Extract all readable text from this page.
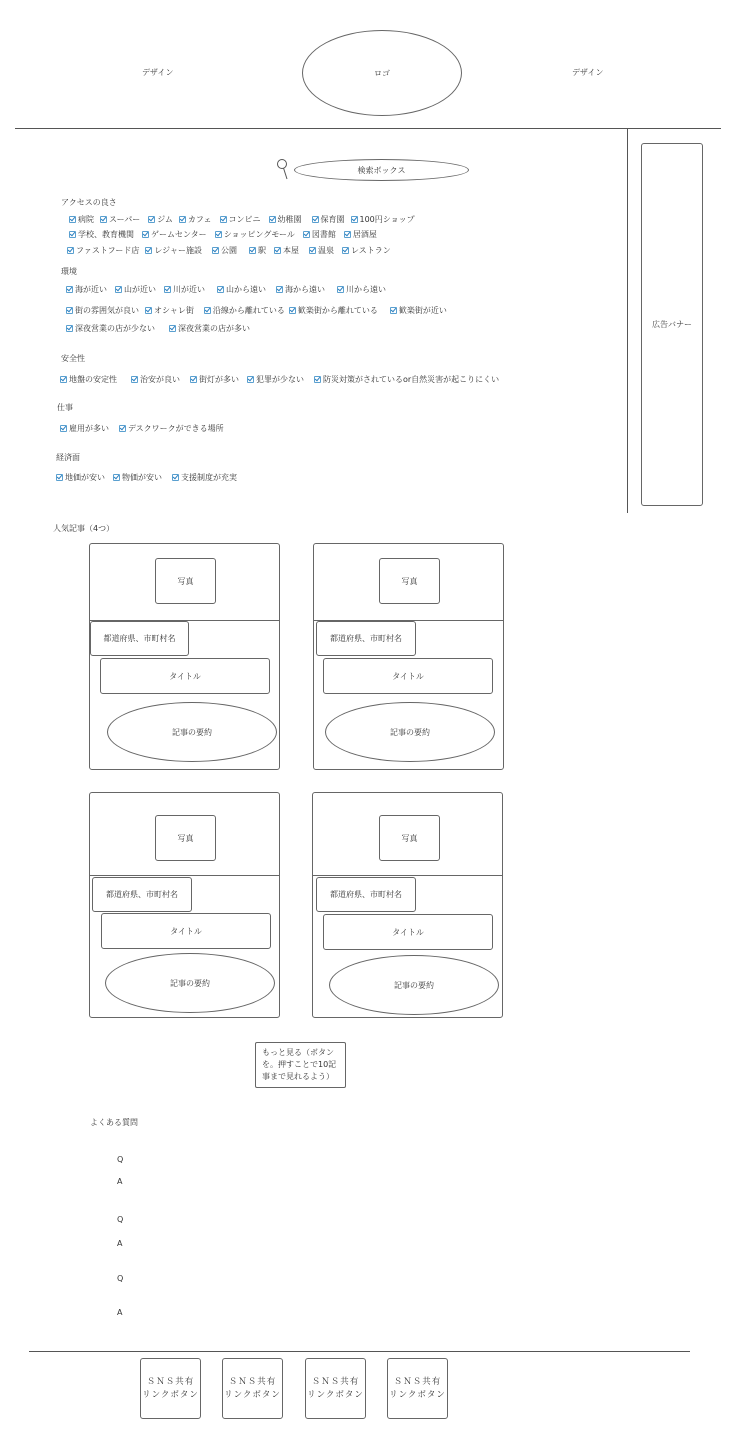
デザイン	ロゴ	デザイン
広告バナー
検索ボックス
アクセスの良さ
病院 スーパー ジム カフェ コンビニ 幼稚園 保育園 100円ショップ
学校、教育機関 ゲームセンター ショッピングモール 図書館 居酒屋
ファストフード店 レジャー施設 公園	駅 本屋 温泉 レストラン
環境
海が近い 山が近い 川が近い	山から遠い 海から遠い	川から遠い
街の雰囲気が良い オシャレ街 沿線から離れている 歓楽街から離れている	歓楽街が近い
深夜営業の店が少ない	深夜営業の店が多い
安全性
地盤の安定性	治安が良い 街灯が多い 犯罪が少ない 防災対策がされているor自然災害が起こりにくい
仕事
雇用が多い デスクワークができる場所
経済面
地価が安い 物価が安い 支援制度が充実
人気記事（4つ）
写真
都道府県、市町村名
タイトル
記事の要約
写真
都道府県、市町村名
タイトル
記事の要約
写真
都道府県、市町村名
タイトル
記事の要約
写真
都道府県、市町村名
タイトル
記事の要約
もっと見る（ボタン
を。押すことで10記
事まで見れるよう）
よくある質問
Q
A
Q
A
Q
A
ＳＮＳ共有
リンクボタン
ＳＮＳ共有
リンクボタン
ＳＮＳ共有
リンクボタン
ＳＮＳ共有
リンクボタン
